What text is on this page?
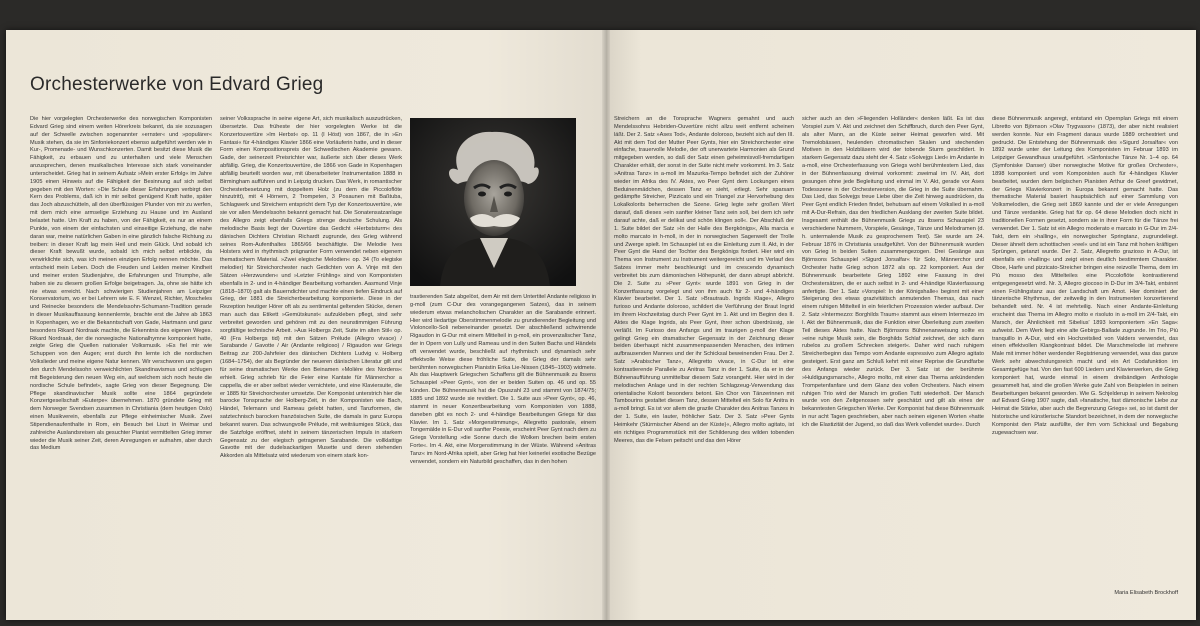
Orchesterwerke von Edvard Grieg

Die hier vorgelegten Orchesterwerke des norwegischen Komponisten Edvard Grieg sind einem weiten Hörerkreis bekannt, da sie sozusagen auf der Schwelle zwischen sogenannter »ernster« und »populärer« Musik stehen, da sie im Sinfoniekonzert ebenso aufgeführt werden wie in Kur-, Promenade- und Wunschkonzerten. Damit besitzt diese Musik die Fähigkeit, zu erbauen und zu unterhalten und viele Menschen anzusprechen, denen musikalisches Interesse sich stark voneinander unterscheidet. Grieg hat in seinem Aufsatz »Mein erster Erfolg« im Jahre 1905 einen Hinweis auf die Fähigkeit der Besinnung auf sich selbst gegeben mit den Worten: »Die Schule dieser Erfahrungen verbirgt den Kern des Problems, daß ich in mir selbst genügend Kraft hatte, später das Joch abzuschütteln, all den überflüssigen Plunder von mir zu werfen, mit dem mich eine armselige Erziehung zu Hause und im Ausland belastet hatte. Um Kraft zu haben, von der Fähigkeit, es nur an einem Punkte, von einem der einfachsten und einseitige Erziehung, die nahe daran war, meine natürlichen Gaben in eine gänzlich falsche Richtung zu treiben: in dieser Kraft lag mein Heil und mein Glück. Und sobald ich dieser Kraft bewußt wurde, sobald ich mich selbst erblickte, da verwirklichte sich, was ich meinen einzigen Erfolg nennen möchte. Das entscheid mein Leben. Doch die Freuden und Leiden meiner Kindheit und meiner ersten Studienjahre, die Erfahrungen und Triumphe, alle haben sie zu diesem großen Erfolge beigetragen. Ja, ohne sie hätte ich nie etwas erreicht. Nach schwierigen Studienjahren am Leipziger Konservatorium, wo er bei Lehrern wie E. F. Wenzel, Richter, Moscheles und Reinecke besonders die Mendelssohn-Schumann-Tradition gerade in dieser Musikauffassung kennenlernte, brachte erst die Jahre ab 1863 in Kopenhagen, wo er die Bekanntschaft von Gade, Hartmann und ganz besonders Rikard Nordraak machte, die Erkenntnis des eigenen Weges. Rikard Nordraak, der die norwegische Nationalhymne komponiert hatte, zeigte Grieg die Quellen nationaler Volksmusik. »Es fiel mir wie Schuppen von den Augen; erst durch ihn lernte ich die nordischen Volkslieder und meine eigene Natur kennen. Wir verschworen uns gegen den durch Mendelssohn verweichlichten Skandinavismus und schlugen mit Begeisterung den neuen Weg ein, auf welchem sich noch heute die nordische Schule befindet«, sagte Grieg von dieser Begegnung. Die Pflege skandinavischer Musik sollte eine 1864 gegründete Konzertgesellschaft »Euterpe« übernehmen. 1870 gründete Grieg mit dem Norweger Svendsen zusammen in Christiania (dem heutigen Oslo) einen Musikverein, ebenfalls zur Pflege einheimischer Musik. Zwei Stipendienaufenthalte in Rom, ein Besuch bei Liszt in Weimar und zahlreiche Auslandsreisen als gesuchter Pianist vermittelten Grieg immer wieder die Musik seiner Zeit, deren Anregungen er aufnahm, aber durch das Medium

seiner Volkssprache in seine eigene Art, sich musikalisch auszudrücken, übersetzte. Das früheste der hier vorgelegten Werke ist die Konzertouvertüre »Im Herbst« op. 11 (I Höst) von 1867, die in »En Fantasi« für 4-händiges Klavier 1866 eine Vorläuferin hatte, und in dieser Form einen Kompositionspreis der Schwedischen Akademie gewann. Gade, der seinerzeit Preisrichter war, äußerte sich über dieses Werk abfällig. Grieg, die Konzertouvertüre, die 1866 von Gade in Kopenhagen abfällig beurteilt worden war, mit überarbeiteter Instrumentation 1888 in Birmingham aufführen und in Leipzig drucken. Das Werk, in romantischer Orchesterbesetzung mit doppeltem Holz (zu dem die Piccoloflöte hinzutritt), mit 4 Hörnern, 2 Trompeten, 3 Posaunen mit Baßtuba, Schlagwerk und Streichern entspricht dem Typ der Konzertouvertüre, wie sie vor allen Mendelssohn bekannt gemacht hat. Die Sonatensatzanlage des Allegro zeigt ebenfalls Griegs strenge deutsche Schulung. Als melodische Basis liegt der Ouvertüre das Gedicht »Herbststurm« des dänischen Dichters Christian Richardt zugrunde, des Grieg während seines Rom-Aufenthaltes 1865/66 beschäftigte. Die Melodie Ives Holsters wird in rhythmisch prägnanter Form verwendet neben eigenem thematischem Material. »Zwei elegische Melodien« op. 34 (To elegiske melodier) für Streichorchester nach Gedichten von A. Vinje mit den Sätzen »Herzwunden« und »Letzter Frühling« sind von Komponisten ebenfalls in 2- und in 4-händiger Bearbeitung vorhanden. Aasmund Vinje (1818–1870) galt als Bauerndichter und machte einen tiefen Eindruck auf Grieg, der 1881 die Streicherbearbeitung komponierte. Diese in der Rezeption heutiger Hörer oft als zu sentimental geltenden Stücke, denen man auch das Etikett »Gemütskunst« aufzukleben pflegt, sind sehr verbreitet geworden und gehören mit zu den neunstimmigen Führung sorgfältige technische Arbeit. »Aus Holbergs Zeit, Suite im alten Stil« op. 40 (Fra Holbergs tid) mit den Sätzen Prélude (Allegro vivace) / Sarabande / Gavotte / Air (Andante religioso) / Rigaudon war Griegs Beitrag zur 200-Jahrfeier des dänischen Dichters Ludvig v. Holberg (1684–1754), der als Begründer der neueren dänischen Literatur gilt und für seine dramatischen Werke den Beinamen »Molière des Nordens« erhielt. Grieg schrieb für die Feier eine Kantate für Männerchor a cappella, die er aber selbst wieder vernichtete, und eine Klaviersuite, die er 1885 für Streichorchester umsetzte. Der Komponist unterstrich hier die barocke Tonsprache der Holberg-Zeit, in der Komponisten wie Bach, Händel, Telemann und Rameau gelebt hatten, und Tanzformen, die satztechnisch barocken französischen Suite, die damals in ganz Europa bekannt waren. Das schwungvolle Prélude, mit weiträumiges Stück, das die Satzfolge eröffnet, steht in seinem tänzerischen Impuls in starkem Gegensatz zu der elegisch getragenen Sarabande. Die vollklattige Gavotte mit der dudelsackartigen Musette und deren stehenden Akkorden als Mittelsatz wird wiederum von einem stark kon-

trastierenden Satz abgelöst, dem Air mit dem Untertitel Andante religioso in g-moll (zum C-Dur des vorangegangenen Satzes), das in seinem wiederum etwas melancholischen Charakter an die Sarabande erinnert. Hier wird liedartige Oberstimmenmelodie zu grundierender Begleitung und Violoncello-Soli nebeneinander gesetzt. Der abschließend schwirrende Rigaudon in G-Dur mit einem Mittelteil in g-moll, ein provenzalischer Tanz, der in Opern von Lully und Rameau und in den Suiten Bachs und Händels oft verwendet wurde, beschließt auf rhythmisch und dynamisch sehr effektvolle Weise diese fröhliche Suite, die Grieg der damals sehr berühmten norwegischen Pianistin Erika Lie-Nissen (1845–1903) widmete. Als das Hauptwerk Griegschen Schaffens gilt die Bühnenmusik zu Ibsens Schauspiel »Peer Gynt«, von der er beiden Suiten op. 46 und op. 55 künden. Die Bühnenmusik hat die Opuszahl 23 und stammt von 1874/75; 1885 und 1892 wurde sie revidiert. Die 1. Suite aus »Peer Gynt«, op. 46, stammt in neuer Konzertbearbeitung vom Komponisten von 1888, daneben gibt es noch 2- und 4-händige Bearbeitungen Griegs für das Klavier. Im 1. Satz »Morgenstimmung«, Allegretto pastorale, einem Tongemälde in E-Dur voll sanfter Poesie, erscheint Peer Gynt nach dem zu Griegs Vorstellung »die Sonne durch die Wolken brechen beim ersten Forte«. Im 4. Akt, eine Morgenstimmung in der Wüste. Während »Anitras Tanz« im Nord-Afrika spielt, aber Grieg hat hier keinerlei exotische Bezüge verwendet, sondern ein Naturbild geschaffen, das in den hohen

Streichern an die Tonsprache Wagners gemahnt und auch Mendelssohns Hebriden-Ouvertüre nicht allzu weit entfernt scheinen läßt. Der 2. Satz »Ases Tod«, Andante doloroso, bezieht sich auf den III. Akt mit dem Tod der Mutter Peer Gynts, hier ein Streichorchester eine einfache, trauervolle Melodie, der oft unerwartete Harmonien als Grund mitgegeben werden, so daß der Satz einen geheimnisvoll-fremdartigen Charakter erhält, der sonst in der Suite nicht mehr vorkommt. Im 3. Satz »Anitras Tanz« in a-moll im Mazurka-Tempo befindet sich der Zuhörer wieder im Afrika des IV. Aktes, wo Peer Gynt dem Lockungen eines Beduinenmädchen, dessen Tanz er sieht, erliegt. Sehr sparsam gedämpfte Streicher, Pizzicato und ein Triangel zur Hervorhebung des Lokalkolorits beherrschen die Szene. Grieg legte sehr großen Wert darauf, daß dieses »ein sanfter kleiner Tanz sein soll, bei dem ich sehr darauf achte, daß er delikat und schön klingen soll«. Der Abschluß der 1. Suite bildet der Satz »In der Halle des Bergkönigs«, Alla marcia e molto marcato in h-moll, in der in norwegischen Sagenwelt der Trolle und Zwerge spielt. Im Schauspiel ist es die Einleitung zum II. Akt, in der Peer Gynt die Hand der Tochter des Bergkönigs fordert. Hier wird ein Thema von Instrument zu Instrument weitergereicht und im Verlauf des Satzes immer mehr beschleunigt und im crescendo dynamisch verbreitet bis zum dämonischen Höhepunkt, der dann abrupt abbricht. Die 2. Suite zu »Peer Gynt« wurde 1891 von Grieg in der Konzertfassung vorgelegt und von ihm auch für 2- und 4-händiges Klavier bearbeitet. Der 1. Satz »Brautraub. Ingrids Klage«, Allegro furioso und Andante doloroso, schildert die Verführung der Braut Ingrid im ihrem Hochzeitstag durch Peer Gynt im 1. Akt und im Beginn des II. Aktes die Klage Ingrids, als Peer Gynt, ihrer schon überdrüssig, sie verläßt. Im Furioso des Anfangs und im traurigen g-moll der Klage gelingt Grieg ein dramatischer Gegensatz in der Zeichnung dieser beiden überhaupt nicht zusammenpassenden Menschen, des intimen aufbrausenden Mannes und der ihr Schicksal beweinenden Frau. Der 2. Satz »Arabischer Tanz«, Allegretto vivace, in C-Dur ist eine kontrastierende Parallele zu Anitras Tanz in der 1. Suite, da er in der Bühnenaufführung unmittelbar diesem Satz vorangeht. Hier wird in der melodischen Anlage und in der rechten Schlagzeug-Verwendung das orientalische Kolorit besonders betont. Ein Chor von Tänzerinnen mit Tambourins gestaltet diesen Tanz, dessen Mittelteil ein Solo für Anitra in a-moll bringt. Es ist vor allem die grazile Charakter des Anitras Tanzes in der 1. Suite, ein lauter, fröhlicher Satz. Der 3. Satz »Peer Gynts Heimkehr (Stürmischer Abend an der Küste)«, Allegro molto agitato, ist ein richtiges Programmstück mit der Schilderung des wilden tobenden Meeres, das die Felsen peitscht und das den Hörer

sicher auch an den »Fliegenden Holländer« denken läßt. Es ist das Vorspiel zum V. Akt und zeichnet den Schiffbruch, durch den Peer Gynt, als alter Mann, an die Küste seiner Heimat geworfen wird. Mit Tremolobässen, heulenden chromatischen Skalen und stechenden Motiven in den Holzbläsern wird der tobende Sturm geschildert. In starkem Gegensatz dazu steht der 4. Satz »Solvejgs Lied« im Andante in a-moll, eine Orchesterfassung von Griegs wohl berühmtestem Lied, das in der Bühnenfassung dreimal vorkommt: zweimal im IV. Akt, dort gesungen ohne jede Begleitung und einmal im V. Akt, gerade vor Ases Todesszene in der Orchesterversion, die Grieg in die Suite übernahm. Das Lied, das Solvejgs treue Liebe über die Zeit hinweg ausdrücken, da Peer Gynt endlich Frieden findet, behutsam auf einem Volkslied in a-moll mit A-Dur-Refrain, das den friedlichen Ausklang der zweiten Suite bildet. Insgesamt enthält die Bühnenmusik Griegs zu Ibsens Schauspiel 23 verschiedene Nummern, Vorspiele, Gesänge, Tänze und Melodramen (d. h. untermalende Musik zu gesprochenem Text). Sie wurde am 24. Februar 1876 in Christiania uraufgeführt. Von der Bühnenmusik wurden von Grieg in beiden Suiten zusammengezogen. Drei Gesänge aus Björnsons Schauspiel »Sigurd Jorsalfar« für Solo, Männerchor und Orchester hatte Grieg schon 1872 als op. 22 komponiert. Aus der Bühnenmusik bearbeitete Grieg 1892 eine Fassung in drei Orchestersätzen, die er auch selbst in 2- und 4-händige Klavierfassung anfertigte. Der 1. Satz »Vorspiel: In der Königshalle« beginnt mit einer Steigerung des etwas grazivitätisch anmutenden Themas, das nach einem ruhigen Mittelteil in ein feierlichen Prozession wieder aufbaut. Der 2. Satz »Intermezzo: Borghilds Traum« stammt aus einem Intermezzo im I. Akt der Bühnenmusik, das die Funktion einer Überleitung zum zweiten Teil dieses Aktes hatte. Nach Björnsons Bühnenanweisung sollte es »eine ruhige Musik sein, die Borghilds Schlaf zeichnet, der sich dann rubelos zu großem Schrecken steigert«. Daher wird nach ruhigem Streicherbeginn das Tempo vom Andante espressivo zum Allegro agitato gesteigert. Erst ganz am Schluß kehrt mit einer Reprise die Grundfarbe des Anfangs wieder zurück. Der 3. Satz ist der berühmte »Huldigungsmarsch«, Allegro molto, mit einer das Thema ankündenden Trompetenfanfare und dem Glanz des vollen Orchesters. Nach einem ruhigen Trio wird der Marsch im großen Tutti wiederholt. Der Marsch wurde von den Zeitgenossen sehr geschätzt und gilt als eines der bekanntesten Griegschen Werke. Der Komponist hat diese Bühnenmusik in nur acht Tagen geschrieben, aber nach seinen eigenen Worten »hatte ich die Elastizität der Jugend, so daß das Werk vollendet wurde«. Durch

diese Bühnenmusik angeregt, entstand ein Opernplan Griegs mit einem Libretto von Björnson »Olav Trygvason« (1873), der aber nicht realisiert werden konnte. Nur ein Fragment daraus wurde 1889 orchestriert und gedruckt. Die Entstehung der Bühnenmusik des »Sigurd Jorsalfar« von 1892 wurde unter der Leitung des Komponisten im Februar 1893 im Leipziger Gewandhaus uraufgeführt. »Sinfonische Tänze Nr. 1–4 op. 64 (Symfoniske Danser) über norwegische Motive für großes Orchester«, 1898 komponiert und vom Komponisten auch für 4-händiges Klavier bearbeitet, wurden dem belgischen Pianisten Arthur de Greef gewidmet, der Griegs Klavierkonzert in Europa bekannt gemacht hatte. Das thematische Material basiert hauptsächlich auf einer Sammlung von Volksmelodien, die Grieg seit 1869 kannte und der er viele Anregungen und Tänze verdankte. Grieg hat für op. 64 diese Melodien doch nicht in traditionellen Formen gesetzt, sondern sie in ihrer Form für die Tänze frei verwendet. Der 1. Satz ist ein Allegro moderato e marcato in G-Dur im 2/4-Takt, dem ein »halling«, ein norwegischer Springtanz, zugrundeliegt. Dieser ähnelt dem schottischen »reel« und ist ein Tanz mit hohen kräftigen Sprüngen, getanzt wurde. Der 2. Satz, Allegretto grazioso in A-Dur, ist ebenfalls ein »halling« und zeigt einen deutlich bestimmtem Charakter. Oboe, Harfe und pizzicato-Streicher bringen eine reizvolle Thema, dem im Più mosso des Mittelteiles eine Piccoloflöte kontrastierend entgegengesetzt wird. Nr. 3, Allegro giocoso in D-Dur im 3/4-Takt, entsinnt einen Frühlingstanz aus der Landschaft um Amot. Hier dominiert der tänzerische Rhythmus, der zeitweilig in den Instrumenten konzertierend behandelt wird. Nr. 4 ist mehrteilig. Nach einer Andante-Einleitung erscheint das Thema im Allegro molto e risoluto in a-moll im 2/4-Takt, ein Marsch, der Ähnlichkeit mit Sibelius' 1893 komponiertem »En Saga« aufweist. Dem Werk liegt eine alte Gebirgs-Ballade zugrunde. Im Trio, Più tranquillo in A-Dur, wird ein Hochzeitslied von Valders verwendet, das einen effektvollen Klangkontrast bildet. Die Marschmelodie ist mehrere Male mit immer höher werdender Registrierung verwendet, was das ganze Werk sehr abwechslungsreich macht und ein Art Codafunktion im Gesamtgefüge hat. Von den fast 600 Liedern und Klavierwerken, die Grieg komponiert hat, wurde einmal in einem dreibändigen Anthologie gesammelt hat, sind die großen Werke gute Zahl von Beispielen in seinen Bearbeitungen bekannt geworden. Wie G. Schjelderup in seinem Nekrolog auf Edvard Grieg 1907 sagte, daß »fanatische, fast dämonische Liebe zur Heimat die Stärke, aber auch die Begrenzung Griegs« sei, so ist damit der historische und künstlerische Standort bezeichnet, in dem der norwegische Komponist den Platz ausfüllte, der ihm vom Schicksal und Begabung zugewachsen war.

Maria Elisabeth Brockhoff
